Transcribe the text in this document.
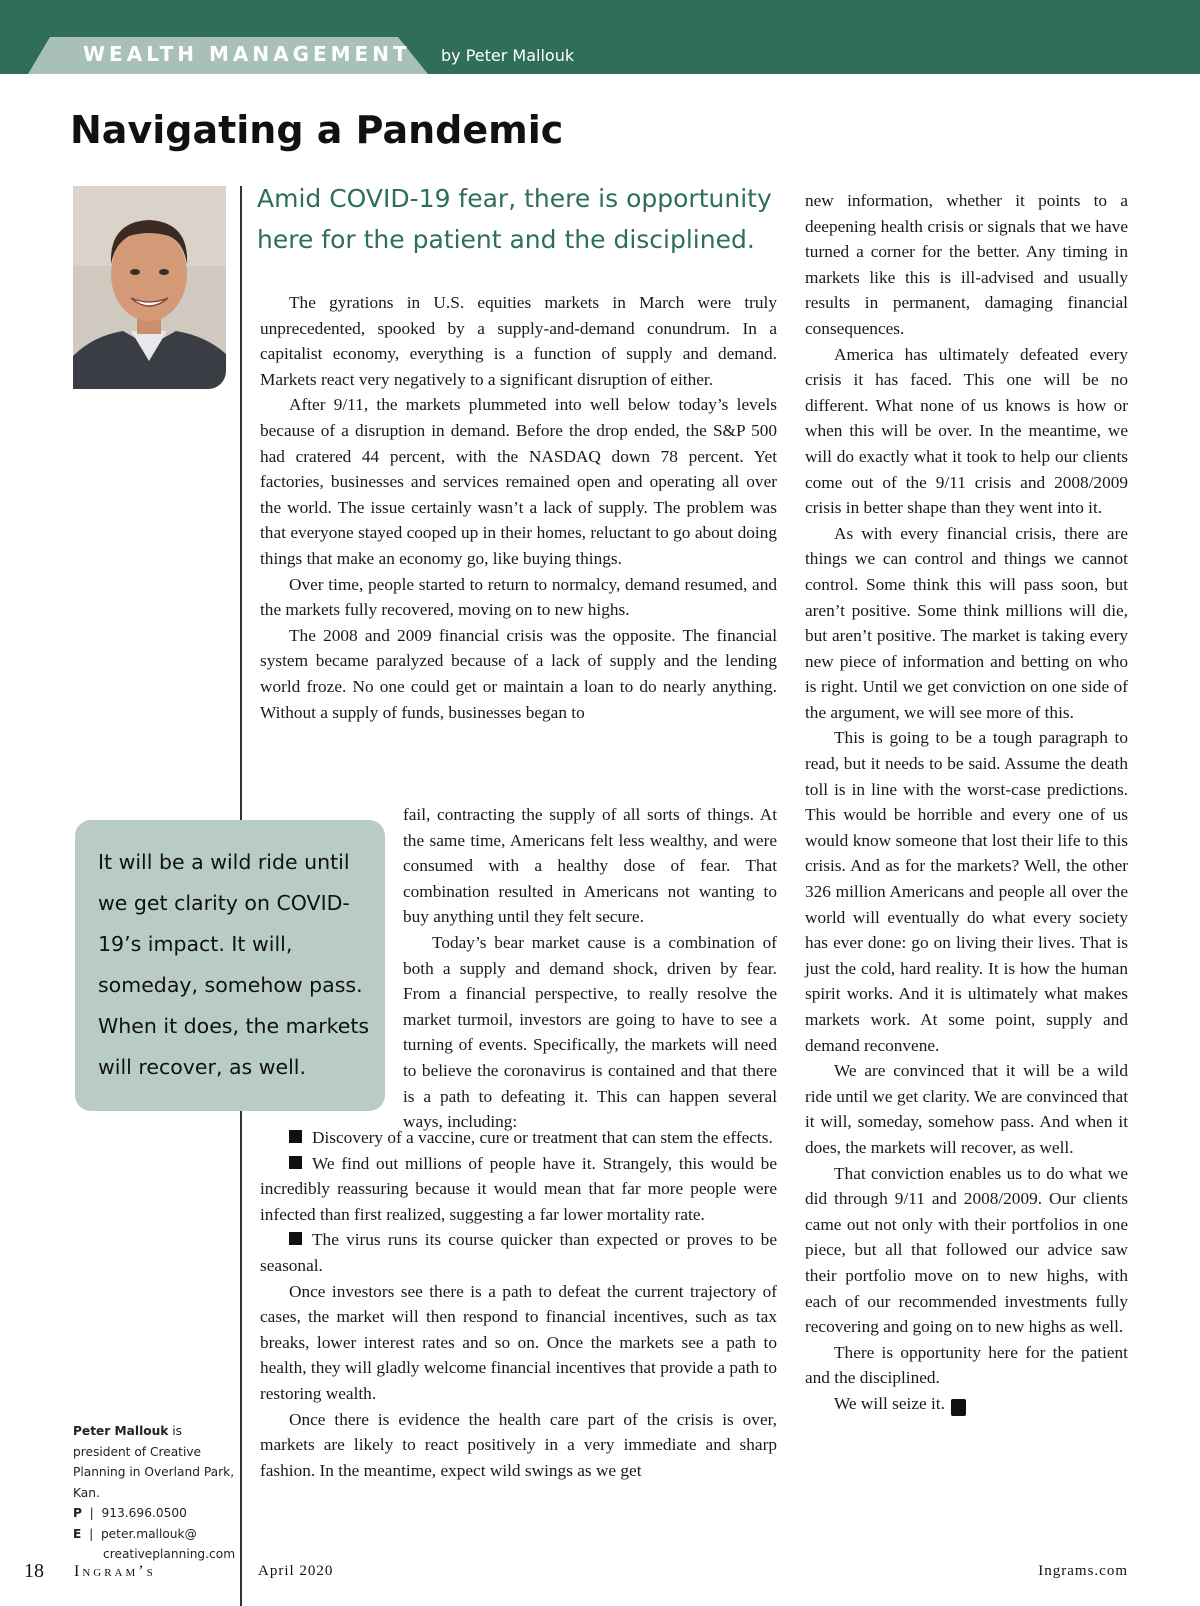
WEALTH MANAGEMENT by Peter Mallouk
Navigating a Pandemic
Amid COVID-19 fear, there is opportunity here for the patient and the disciplined.

The gyrations in U.S. equities markets in March were truly unprecedented, spooked by a supply-and-demand conundrum. In a capitalist economy, everything is a function of supply and demand. Markets react very negatively to a significant disruption of either.

After 9/11, the markets plummeted into well below today’s levels because of a disruption in demand. Before the drop ended, the S&P 500 had cratered 44 percent, with the NASDAQ down 78 percent. Yet factories, businesses and services remained open and operating all over the world. The issue certainly wasn’t a lack of supply. The problem was that everyone stayed cooped up in their homes, reluctant to go about doing things that make an economy go, like buying things.

Over time, people started to return to normalcy, demand resumed, and the markets fully recovered, moving on to new highs.

The 2008 and 2009 financial crisis was the opposite. The financial system became paralyzed because of a lack of supply and the lending world froze. No one could get or maintain a loan to do nearly anything. Without a supply of funds, businesses began to

fail, contracting the supply of all sorts of things. At the same time, Americans felt less wealthy, and were consumed with a healthy dose of fear. That combination resulted in Americans not wanting to buy anything until they felt secure.

Today’s bear market cause is a combination of both a supply and demand shock, driven by fear. From a financial perspective, to really resolve the market turmoil, investors are going to have to see a turning of events. Specifically, the markets will need to believe the coronavirus is contained and that there is a path to defeating it. This can happen several ways, including:

Discovery of a vaccine, cure or treatment that can stem the effects.

We find out millions of people have it. Strangely, this would be incredibly reassuring because it would mean that far more people were infected than first realized, suggesting a far lower mortality rate.

The virus runs its course quicker than expected or proves to be seasonal.

Once investors see there is a path to defeat the current trajectory of cases, the market will then respond to financial incentives, such as tax breaks, lower interest rates and so on. Once the markets see a path to health, they will gladly welcome financial incentives that provide a path to restoring wealth.

Once there is evidence the health care part of the crisis is over, markets are likely to react positively in a very immediate and sharp fashion. In the meantime, expect wild swings as we get

new information, whether it points to a deepening health crisis or signals that we have turned a corner for the better. Any timing in markets like this is ill-advised and usually results in permanent, damaging financial consequences.

America has ultimately defeated every crisis it has faced. This one will be no different. What none of us knows is how or when this will be over. In the meantime, we will do exactly what it took to help our clients come out of the 9/11 crisis and 2008/2009 crisis in better shape than they went into it.

As with every financial crisis, there are things we can control and things we cannot control. Some think this will pass soon, but aren’t positive. Some think millions will die, but aren’t positive. The market is taking every new piece of information and betting on who is right. Until we get conviction on one side of the argument, we will see more of this.

This is going to be a tough paragraph to read, but it needs to be said. Assume the death toll is in line with the worst-case predictions. This would be horrible and every one of us would know someone that lost their life to this crisis. And as for the markets? Well, the other 326 million Americans and people all over the world will eventually do what every society has ever done: go on living their lives. That is just the cold, hard reality. It is how the human spirit works. And it is ultimately what makes markets work. At some point, supply and demand reconvene.

We are convinced that it will be a wild ride until we get clarity. We are convinced that it will, someday, somehow pass. And when it does, the markets will recover, as well.

That conviction enables us to do what we did through 9/11 and 2008/2009. Our clients came out not only with their portfolios in one piece, but all that followed our advice saw their portfolio move on to new highs, with each of our recommended investments fully recovering and going on to new highs as well.

There is opportunity here for the patient and the disciplined.

We will seize it.	I

It will be a wild ride until we get clarity on COVID-19’s impact. It will, someday, somehow pass. When it does, the markets will recover, as well.
Peter Mallouk is president of Creative Planning in Overland Park, Kan.
P  |  913.696.0500
E  |  peter.mallouk@
creativeplanning.com
18 Ingram’s	April 2020	Ingrams.com
